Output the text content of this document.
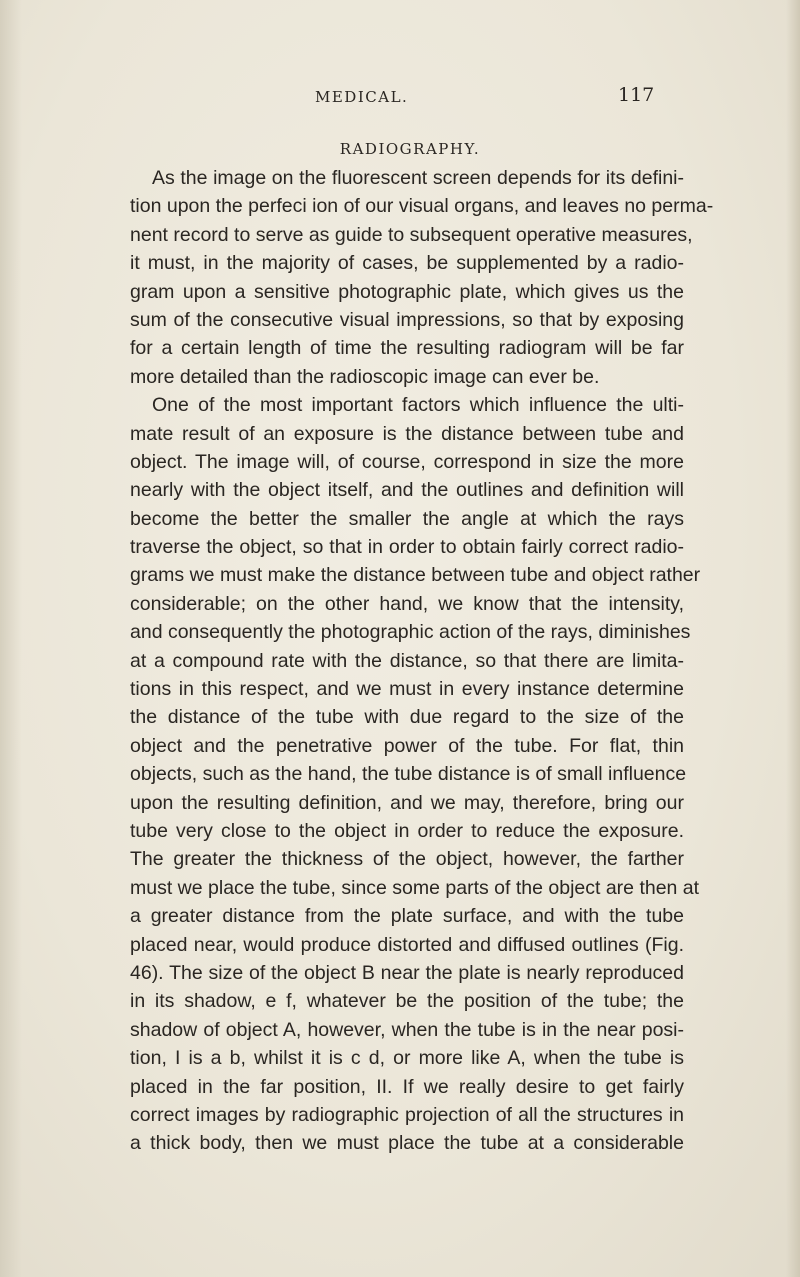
MEDICAL.	117
RADIOGRAPHY.
As the image on the fluorescent screen depends for its defini-
tion upon the perfeci ion of our visual organs, and leaves no perma-
nent record to serve as guide to subsequent operative measures,
it must, in the majority of cases, be supplemented by a radio-
gram upon a sensitive photographic plate, which gives us the
sum of the consecutive visual impressions, so that by exposing
for a certain length of time the resulting radiogram will be far
more detailed than the radioscopic image can ever be.
One of the most important factors which influence the ulti-
mate result of an exposure is the distance between tube and
object. The image will, of course, correspond in size the more
nearly with the object itself, and the outlines and definition will
become the better the smaller the angle at which the rays
traverse the object, so that in order to obtain fairly correct radio-
grams we must make the distance between tube and object rather
considerable; on the other hand, we know that the intensity,
and consequently the photographic action of the rays, diminishes
at a compound rate with the distance, so that there are limita-
tions in this respect, and we must in every instance determine
the distance of the tube with due regard to the size of the
object and the penetrative power of the tube. For flat, thin
objects, such as the hand, the tube distance is of small influence
upon the resulting definition, and we may, therefore, bring our
tube very close to the object in order to reduce the exposure.
The greater the thickness of the object, however, the farther
must we place the tube, since some parts of the object are then at
a greater distance from the plate surface, and with the tube
placed near, would produce distorted and diffused outlines (Fig.
46). The size of the object B near the plate is nearly reproduced
in its shadow, e f, whatever be the position of the tube; the
shadow of object A, however, when the tube is in the near posi-
tion, I is a b, whilst it is c d, or more like A, when the tube is
placed in the far position, II. If we really desire to get fairly
correct images by radiographic projection of all the structures in
a thick body, then we must place the tube at a considerable
